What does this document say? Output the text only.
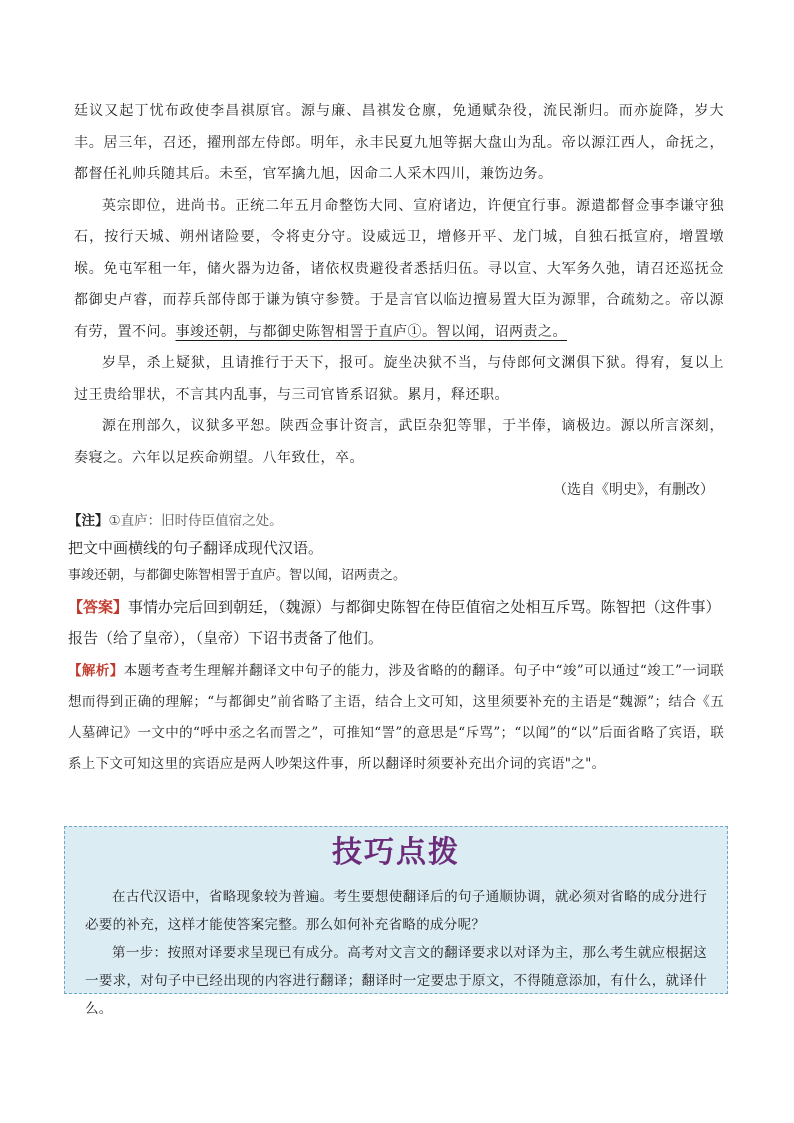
廷议又起丁忧布政使李昌祺原官。源与廉、昌祺发仓廪，免通赋杂役，流民渐归。而亦旋降，岁大丰。居三年，召还，擢刑部左侍郎。明年，永丰民夏九旭等据大盘山为乱。帝以源江西人，命抚之，都督任礼帅兵随其后。未至，官军擒九旭，因命二人采木四川，兼饬边务。

英宗即位，进尚书。正统二年五月命整饬大同、宣府诸边，许便宜行事。源遣都督佥事李谦守独石，按行天城、朔州诸险要，令将吏分守。设威远卫，增修开平、龙门城，自独石抵宣府，增置墩堠。免屯军租一年，储火器为边备，诸依权贵避役者悉括归伍。寻以宣、大军务久弛，请召还巡抚佥都御史卢睿，而荐兵部侍郎于谦为镇守参赞。于是言官以临边擅易置大臣为源罪，合疏劾之。帝以源有劳，置不问。事竣还朝，与都御史陈智相詈于直庐①。智以闻，诏两责之。

岁旱，杀上疑狱，且请推行于天下，报可。旋坐决狱不当，与侍郎何文渊俱下狱。得宥，复以上过王贵给罪状，不言其内乱事，与三司官皆系诏狱。累月，释还职。

源在刑部久，议狱多平恕。陕西佥事计资言，武臣杂犯等罪，于半俸，谪极边。源以所言深刻，奏寝之。六年以足疾命朔望。八年致仕，卒。

（选自《明史》，有删改）

【注】①直庐：旧时侍臣值宿之处。

把文中画横线的句子翻译成现代汉语。

事竣还朝，与都御史陈智相詈于直庐。智以闻，诏两责之。

【答案】事情办完后回到朝廷，（魏源）与都御史陈智在侍臣值宿之处相互斥骂。陈智把（这件事）报告（给了皇帝），（皇帝）下诏书责备了他们。

【解析】本题考查考生理解并翻译文中句子的能力，涉及省略的的翻译。句子中“竣”可以通过“竣工”一词联想而得到正确的理解；“与都御史”前省略了主语，结合上文可知，这里须要补充的主语是“魏源”；结合《五人墓碑记》一文中的“呼中丞之名而詈之”，可推知“詈”的意思是“斥骂”；“以闻”的“以”后面省略了宾语，联系上下文可知这里的宾语应是两人吵架这件事，所以翻译时须要补充出介词的宾语"之"。

技巧点拨

在古代汉语中，省略现象较为普遍。考生要想使翻译后的句子通顺协调，就必须对省略的成分进行必要的补充，这样才能使答案完整。那么如何补充省略的成分呢？

第一步：按照对译要求呈现已有成分。高考对文言文的翻译要求以对译为主，那么考生就应根据这一要求，对句子中已经出现的内容进行翻译；翻译时一定要忠于原文，不得随意添加，有什么，就译什么。
